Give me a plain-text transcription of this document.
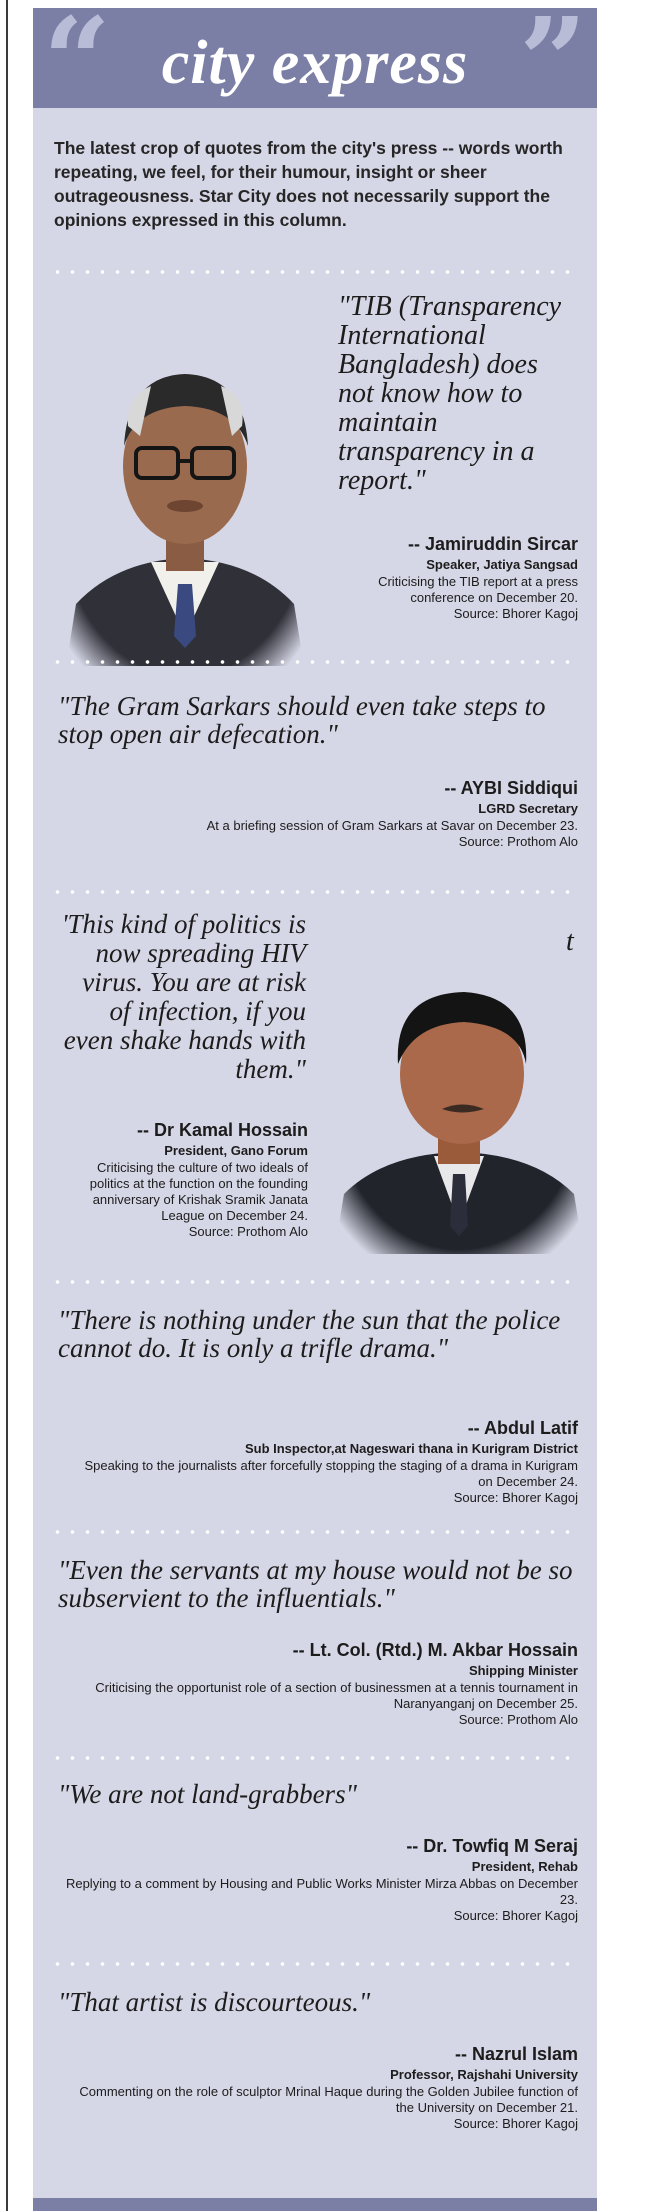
“	”
city express

The latest crop of quotes from the city's press -- words worth repeating, we feel, for their humour, insight or sheer outrageousness. Star City does not necessarily support the opinions expressed in this column.

"TIB (Transparency International Bangladesh) does not know how to maintain transparency in a report."

-- Jamiruddin Sircar
Speaker, Jatiya Sangsad
Criticising the TIB report at a press conference on December 20.
Source: Bhorer Kagoj

"The Gram Sarkars should even take steps to stop open air defecation."

-- AYBI Siddiqui
LGRD Secretary
At a briefing session of Gram Sarkars at Savar on December 23.
Source: Prothom Alo
t

'This kind of politics is now spreading HIV virus. You are at risk of infection, if you even shake hands with them."

-- Dr Kamal Hossain
President, Gano Forum
Criticising the culture of two ideals of politics at the function on the founding anniversary of Krishak Sramik Janata League on December 24.
Source: Prothom Alo

"There is nothing under the sun that the police cannot do. It is only a trifle drama."

-- Abdul Latif
Sub Inspector,at Nageswari thana in Kurigram District
Speaking to the journalists after forcefully stopping the staging of a drama in Kurigram on December 24.
Source: Bhorer Kagoj

"Even the servants at my house would not be so subservient to the influentials."

-- Lt. Col. (Rtd.) M. Akbar Hossain
Shipping Minister
Criticising the opportunist role of a section of businessmen at a tennis tournament in Naranyanganj on December 25.
Source: Prothom Alo

"We are not land-grabbers"

-- Dr. Towfiq M Seraj
President, Rehab
Replying to a comment by Housing and Public Works Minister Mirza Abbas on December 23.
Source: Bhorer Kagoj

"That artist is discourteous."

-- Nazrul Islam
Professor, Rajshahi University
Commenting on the role of sculptor Mrinal Haque during the Golden Jubilee function of the University on December 21.
Source: Bhorer Kagoj
